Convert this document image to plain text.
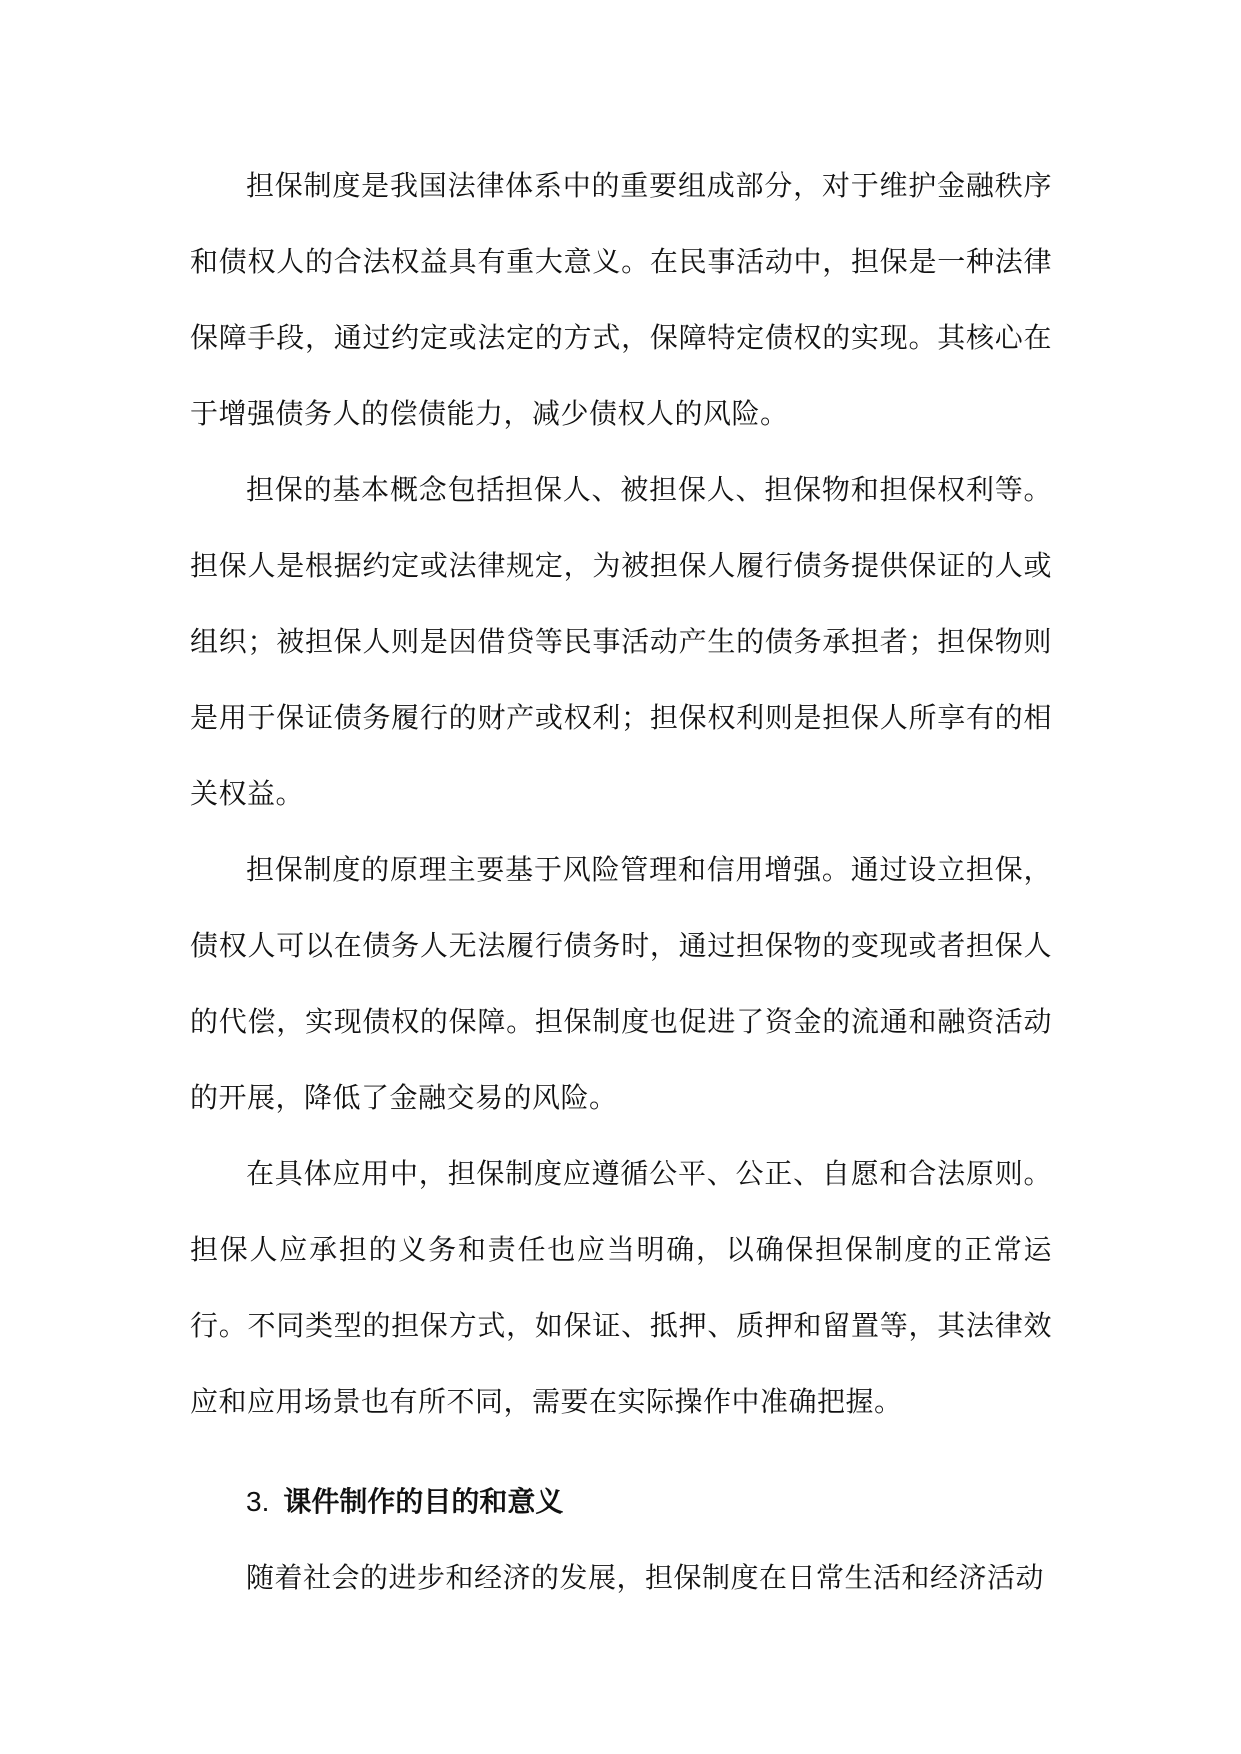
担保制度是我国法律体系中的重要组成部分，对于维护金融秩序和债权人的合法权益具有重大意义。在民事活动中，担保是一种法律保障手段，通过约定或法定的方式，保障特定债权的实现。其核心在于增强债务人的偿债能力，减少债权人的风险。

担保的基本概念包括担保人、被担保人、担保物和担保权利等。担保人是根据约定或法律规定，为被担保人履行债务提供保证的人或组织；被担保人则是因借贷等民事活动产生的债务承担者；担保物则是用于保证债务履行的财产或权利；担保权利则是担保人所享有的相关权益。

担保制度的原理主要基于风险管理和信用增强。通过设立担保，债权人可以在债务人无法履行债务时，通过担保物的变现或者担保人的代偿，实现债权的保障。担保制度也促进了资金的流通和融资活动的开展，降低了金融交易的风险。

在具体应用中，担保制度应遵循公平、公正、自愿和合法原则。担保人应承担的义务和责任也应当明确，以确保担保制度的正常运行。不同类型的担保方式，如保证、抵押、质押和留置等，其法律效应和应用场景也有所不同，需要在实际操作中准确把握。

3. 课件制作的目的和意义

随着社会的进步和经济的发展，担保制度在日常生活和经济活动
